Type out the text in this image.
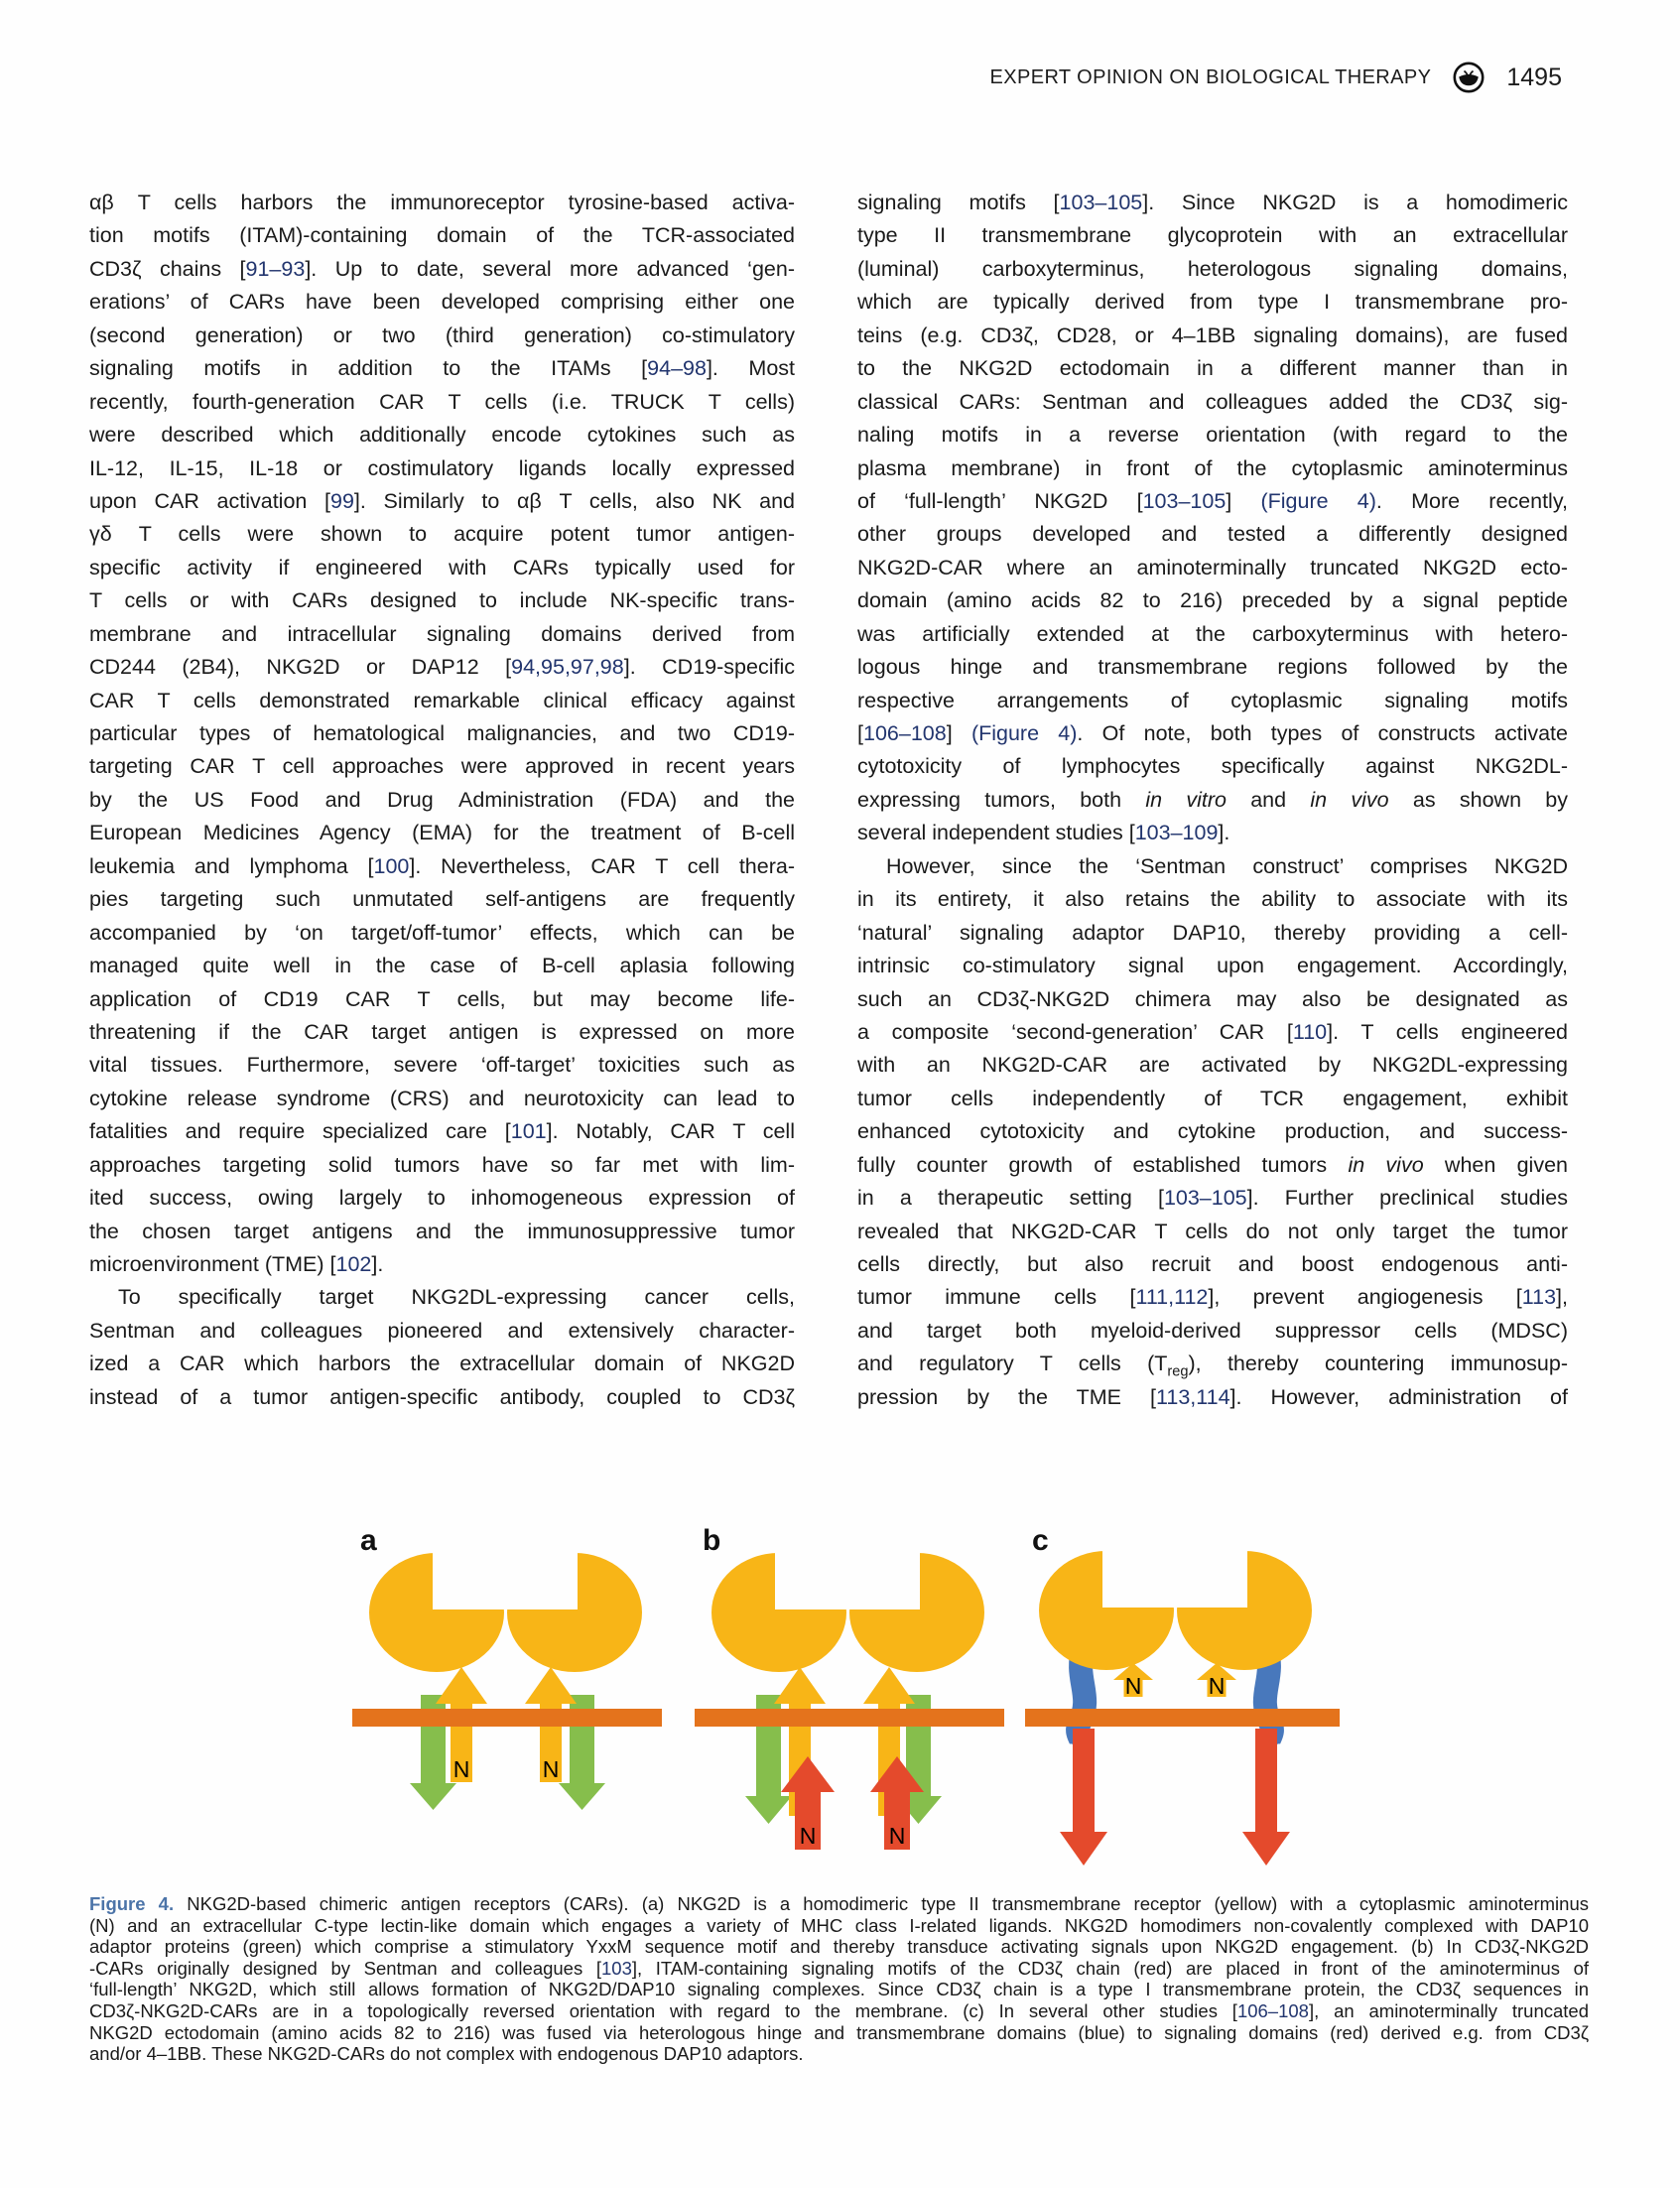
EXPERT OPINION ON BIOLOGICAL THERAPY	1495
αβ T cells harbors the immunoreceptor tyrosine-based activa-
tion motifs (ITAM)-containing domain of the TCR-associated
CD3ζ chains [91–93]. Up to date, several more advanced ‘gen-
erations’ of CARs have been developed comprising either one
(second generation) or two (third generation) co-stimulatory
signaling motifs in addition to the ITAMs [94–98]. Most
recently, fourth-generation CAR T cells (i.e. TRUCK T cells)
were described which additionally encode cytokines such as
IL-12, IL-15, IL-18 or costimulatory ligands locally expressed
upon CAR activation [99]. Similarly to αβ T cells, also NK and
γδ T cells were shown to acquire potent tumor antigen-
specific activity if engineered with CARs typically used for
T cells or with CARs designed to include NK-specific trans-
membrane and intracellular signaling domains derived from
CD244 (2B4), NKG2D or DAP12 [94,95,97,98]. CD19-specific
CAR T cells demonstrated remarkable clinical efficacy against
particular types of hematological malignancies, and two CD19-
targeting CAR T cell approaches were approved in recent years
by the US Food and Drug Administration (FDA) and the
European Medicines Agency (EMA) for the treatment of B-cell
leukemia and lymphoma [100]. Nevertheless, CAR T cell thera-
pies targeting such unmutated self-antigens are frequently
accompanied by ‘on target/off-tumor’ effects, which can be
managed quite well in the case of B-cell aplasia following
application of CD19 CAR T cells, but may become life-
threatening if the CAR target antigen is expressed on more
vital tissues. Furthermore, severe ‘off-target’ toxicities such as
cytokine release syndrome (CRS) and neurotoxicity can lead to
fatalities and require specialized care [101]. Notably, CAR T cell
approaches targeting solid tumors have so far met with lim-
ited success, owing largely to inhomogeneous expression of
the chosen target antigens and the immunosuppressive tumor
microenvironment (TME) [102].
To specifically target NKG2DL-expressing cancer cells,
Sentman and colleagues pioneered and extensively character-
ized a CAR which harbors the extracellular domain of NKG2D
instead of a tumor antigen-specific antibody, coupled to CD3ζ
signaling motifs [103–105]. Since NKG2D is a homodimeric
type II transmembrane glycoprotein with an extracellular
(luminal) carboxyterminus, heterologous signaling domains,
which are typically derived from type I transmembrane pro-
teins (e.g. CD3ζ, CD28, or 4–1BB signaling domains), are fused
to the NKG2D ectodomain in a different manner than in
classical CARs: Sentman and colleagues added the CD3ζ sig-
naling motifs in a reverse orientation (with regard to the
plasma membrane) in front of the cytoplasmic aminoterminus
of ‘full-length’ NKG2D [103–105] (Figure 4). More recently,
other groups developed and tested a differently designed
NKG2D-CAR where an aminoterminally truncated NKG2D ecto-
domain (amino acids 82 to 216) preceded by a signal peptide
was artificially extended at the carboxyterminus with hetero-
logous hinge and transmembrane regions followed by the
respective arrangements of cytoplasmic signaling motifs
[106–108] (Figure 4). Of note, both types of constructs activate
cytotoxicity of lymphocytes specifically against NKG2DL-
expressing tumors, both in vitro and in vivo as shown by
several independent studies [103–109].
However, since the ‘Sentman construct’ comprises NKG2D
in its entirety, it also retains the ability to associate with its
‘natural’ signaling adaptor DAP10, thereby providing a cell-
intrinsic co-stimulatory signal upon engagement. Accordingly,
such an CD3ζ-NKG2D chimera may also be designated as
a composite ‘second-generation’ CAR [110]. T cells engineered
with an NKG2D-CAR are activated by NKG2DL-expressing
tumor cells independently of TCR engagement, exhibit
enhanced cytotoxicity and cytokine production, and success-
fully counter growth of established tumors in vivo when given
in a therapeutic setting [103–105]. Further preclinical studies
revealed that NKG2D-CAR T cells do not only target the tumor
cells directly, but also recruit and boost endogenous anti-
tumor immune cells [111,112], prevent angiogenesis [113],
and target both myeloid-derived suppressor cells (MDSC)
and regulatory T cells $(T_{reg})$, thereby countering immunosup-
pression by the TME [113,114]. However, administration of
N	N
a
N	N
b
N	N
c
Figure 4. NKG2D-based chimeric antigen receptors (CARs). (a) NKG2D is a homodimeric type II transmembrane receptor (yellow) with a cytoplasmic aminoterminus
(N) and an extracellular C-type lectin-like domain which engages a variety of MHC class I-related ligands. NKG2D homodimers non-covalently complexed with DAP10
adaptor proteins (green) which comprise a stimulatory YxxM sequence motif and thereby transduce activating signals upon NKG2D engagement. (b) In CD3ζ-NKG2D
-CARs originally designed by Sentman and colleagues [103], ITAM-containing signaling motifs of the CD3ζ chain (red) are placed in front of the aminoterminus of
‘full-length’ NKG2D, which still allows formation of NKG2D/DAP10 signaling complexes. Since CD3ζ chain is a type I transmembrane protein, the CD3ζ sequences in
CD3ζ-NKG2D-CARs are in a topologically reversed orientation with regard to the membrane. (c) In several other studies [106–108], an aminoterminally truncated
NKG2D ectodomain (amino acids 82 to 216) was fused via heterologous hinge and transmembrane domains (blue) to signaling domains (red) derived e.g. from CD3ζ
and/or 4–1BB. These NKG2D-CARs do not complex with endogenous DAP10 adaptors.
